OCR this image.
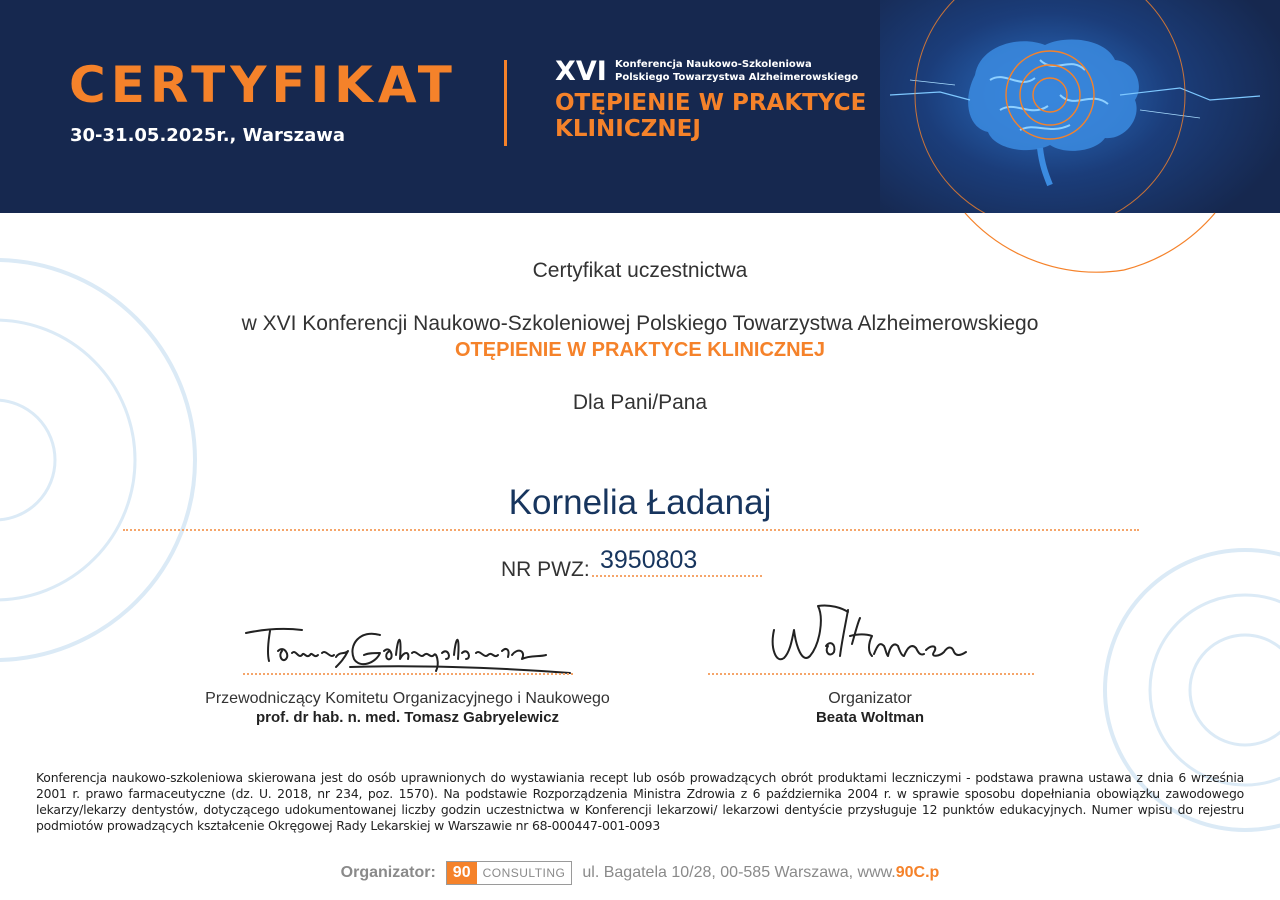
CERTYFIKAT
30-31.05.2025r., Warszawa
XVI Konferencja Naukowo-Szkoleniowa
Polskiego Towarzystwa Alzheimerowskiego
OTĘPIENIE W PRAKTYCE
KLINICZNEJ
Certyfikat uczestnictwa
w XVI Konferencji Naukowo-Szkoleniowej Polskiego Towarzystwa Alzheimerowskiego
OTĘPIENIE W PRAKTYCE KLINICZNEJ
Dla Pani/Pana
Kornelia Ładanaj
NR PWZ: 3950803
Przewodniczący Komitetu Organizacyjnego i Naukowego
prof. dr hab. n. med. Tomasz Gabryelewicz
Organizator
Beata Woltman
Konferencja naukowo-szkoleniowa skierowana jest do osób uprawnionych do wystawiania recept lub osób prowadzących obrót produktami leczniczymi - podstawa prawna ustawa z dnia 6 września 2001 r. prawo farmaceutyczne (dz. U. 2018, nr 234, poz. 1570). Na podstawie Rozporządzenia Ministra Zdrowia z 6 października 2004 r. w sprawie sposobu dopełniania obowiązku zawodowego lekarzy/lekarzy dentystów, dotyczącego udokumentowanej liczby godzin uczestnictwa w Konferencji lekarzowi/ lekarzowi dentyście przysługuje 12 punktów edukacyjnych. Numer wpisu do rejestru podmiotów prowadzących kształcenie Okręgowej Rady Lekarskiej w Warszawie nr 68-000447-001-0093
Organizator:	90	CONSULTING	ul. Bagatela 10/28, 00-585 Warszawa, www.90C.p
